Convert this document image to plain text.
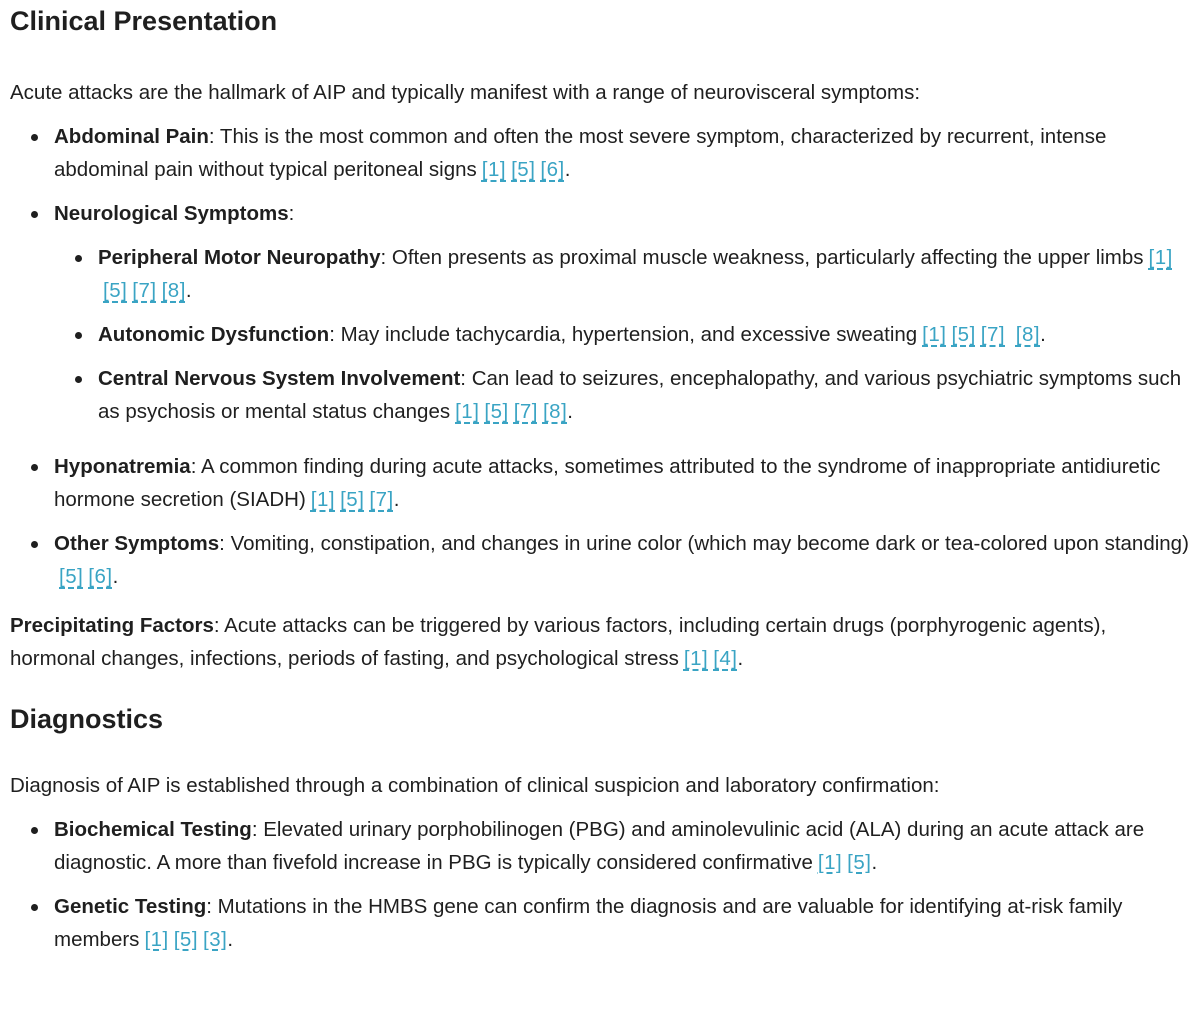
Clinical Presentation

Acute attacks are the hallmark of AIP and typically manifest with a range of neurovisceral symptoms:

Abdominal Pain: This is the most common and often the most severe symptom, characterized by recurrent, intense abdominal pain without typical peritoneal signs [1] [5] [6].
Neurological Symptoms:
Peripheral Motor Neuropathy: Often presents as proximal muscle weakness, particularly affecting the upper limbs [1][5] [7] [8].
Autonomic Dysfunction: May include tachycardia, hypertension, and excessive sweating [1] [5] [7] [8].
Central Nervous System Involvement: Can lead to seizures, encephalopathy, and various psychiatric symptoms such as psychosis or mental status changes [1] [5] [7] [8].
Hyponatremia: A common finding during acute attacks, sometimes attributed to the syndrome of inappropriate antidiuretic hormone secretion (SIADH) [1] [5] [7].
Other Symptoms: Vomiting, constipation, and changes in urine color (which may become dark or tea-colored upon standing)[5] [6].

Precipitating Factors: Acute attacks can be triggered by various factors, including certain drugs (porphyrogenic agents), hormonal changes, infections, periods of fasting, and psychological stress [1] [4].

Diagnostics

Diagnosis of AIP is established through a combination of clinical suspicion and laboratory confirmation:

Biochemical Testing: Elevated urinary porphobilinogen (PBG) and aminolevulinic acid (ALA) during an acute attack are diagnostic. A more than fivefold increase in PBG is typically considered confirmative [1] [5].
Genetic Testing: Mutations in the HMBS gene can confirm the diagnosis and are valuable for identifying at-risk family members [1] [5] [3].
